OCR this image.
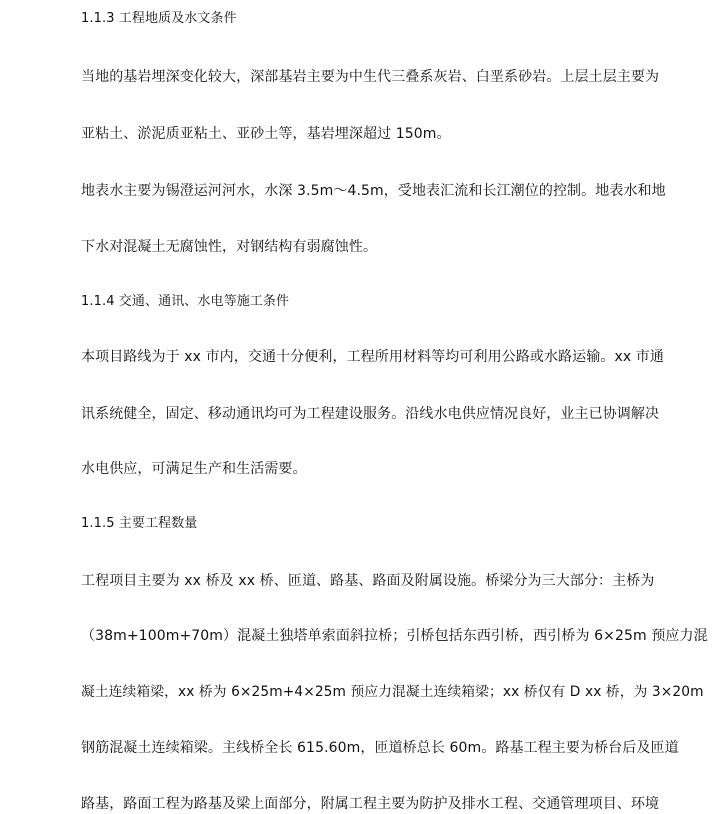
1.1.3 工程地质及水文条件
当地的基岩埋深变化较大，深部基岩主要为中生代三叠系灰岩、白垩系砂岩。上层土层主要为
亚粘土、淤泥质亚粘土、亚砂土等，基岩埋深超过 150m。
地表水主要为锡澄运河河水，水深 3.5m～4.5m，受地表汇流和长江潮位的控制。地表水和地
下水对混凝土无腐蚀性，对钢结构有弱腐蚀性。
1.1.4 交通、通讯、水电等施工条件
本项目路线为于 xx 市内，交通十分便利，工程所用材料等均可利用公路或水路运输。xx 市通
讯系统健全，固定、移动通讯均可为工程建设服务。沿线水电供应情况良好，业主已协调解决
水电供应，可满足生产和生活需要。
1.1.5 主要工程数量
工程项目主要为 xx 桥及 xx 桥、匝道、路基、路面及附属设施。桥梁分为三大部分：主桥为
（38m+100m+70m）混凝土独塔单索面斜拉桥；引桥包括东西引桥，西引桥为 6×25m 预应力混
凝土连续箱梁，xx 桥为 6×25m+4×25m 预应力混凝土连续箱梁；xx 桥仅有 D xx 桥，为 3×20m
钢筋混凝土连续箱梁。主线桥全长 615.60m，匝道桥总长 60m。路基工程主要为桥台后及匝道
路基，路面工程为路基及梁上面部分，附属工程主要为防护及排水工程、交通管理项目、环境
